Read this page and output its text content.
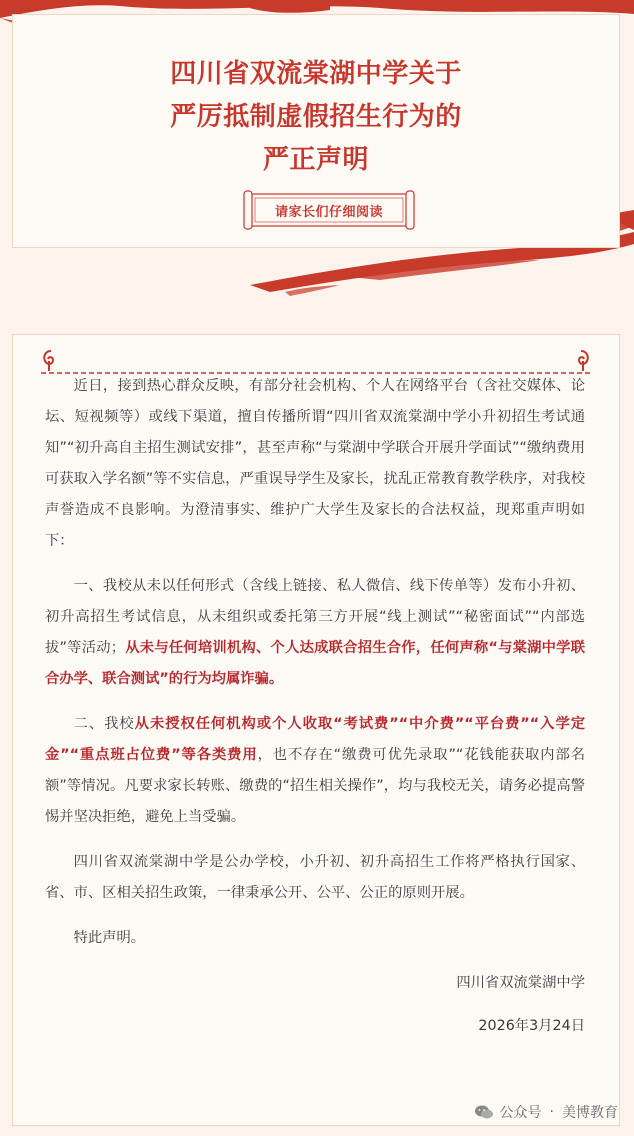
四川省双流棠湖中学关于
严厉抵制虚假招生行为的
严正声明
请家长们仔细阅读

近日，接到热心群众反映，有部分社会机构、个人在网络平台（含社交媒体、论坛、短视频等）或线下渠道，擅自传播所谓“四川省双流棠湖中学小升初招生考试通知”“初升高自主招生测试安排”，甚至声称“与棠湖中学联合开展升学面试”“缴纳费用可获取入学名额”等不实信息，严重误导学生及家长，扰乱正常教育教学秩序，对我校声誉造成不良影响。为澄清事实、维护广大学生及家长的合法权益，现郑重声明如下：

一、我校从未以任何形式（含线上链接、私人微信、线下传单等）发布小升初、初升高招生考试信息，从未组织或委托第三方开展“线上测试”“秘密面试”“内部选拔”等活动；从未与任何培训机构、个人达成联合招生合作，任何声称“与棠湖中学联合办学、联合测试”的行为均属诈骗。

二、我校从未授权任何机构或个人收取“考试费”“中介费”“平台费”“入学定金”“重点班占位费”等各类费用，也不存在“缴费可优先录取”“花钱能获取内部名额”等情况。凡要求家长转账、缴费的“招生相关操作”，均与我校无关，请务必提高警惕并坚决拒绝，避免上当受骗。

四川省双流棠湖中学是公办学校，小升初、初升高招生工作将严格执行国家、省、市、区相关招生政策，一律秉承公开、公平、公正的原则开展。

特此声明。

四川省双流棠湖中学
2026年3月24日
公众号 · 美博教育
